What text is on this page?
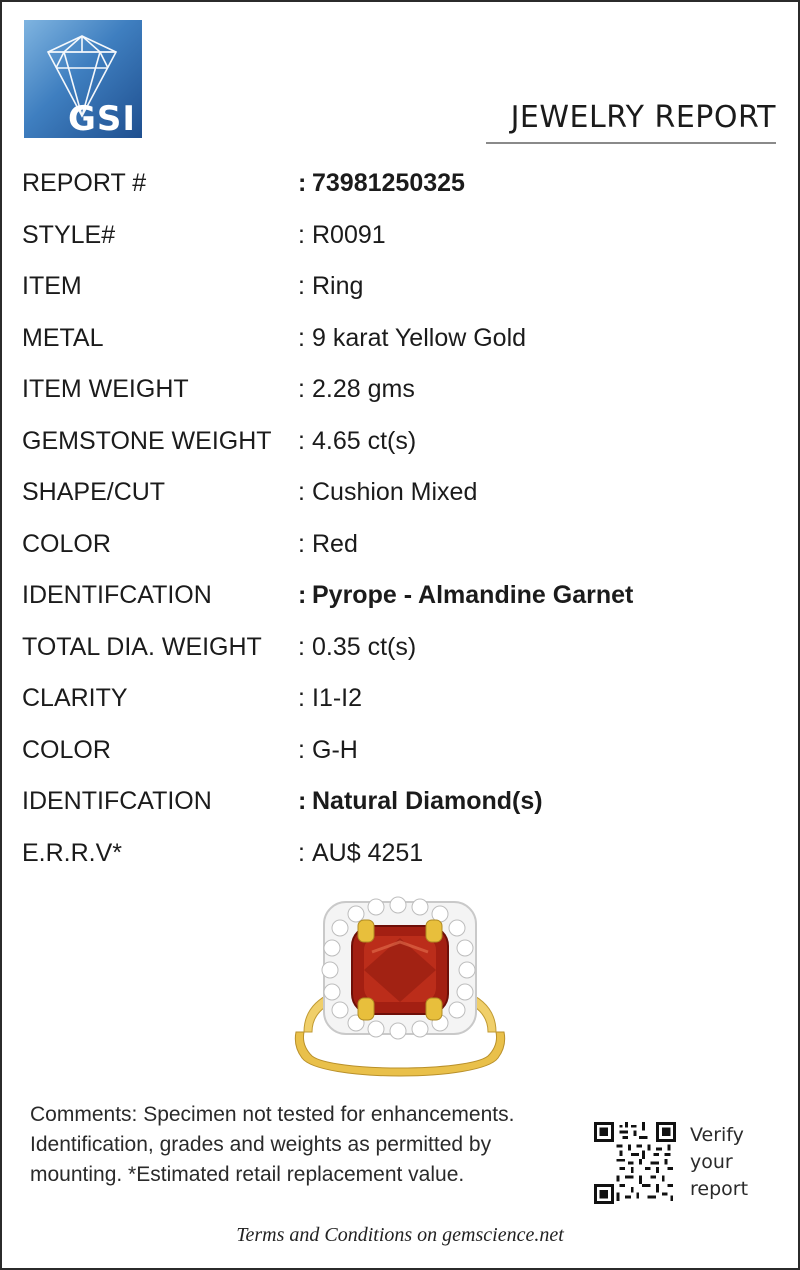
GSI	JEWELRY REPORT
REPORT #	: 73981250325
STYLE#	: R0091
ITEM	: Ring
METAL	: 9 karat Yellow Gold
ITEM WEIGHT	: 2.28 gms
GEMSTONE WEIGHT : 4.65 ct(s)
SHAPE/CUT	: Cushion Mixed
COLOR	: Red
IDENTIFCATION	: Pyrope - Almandine Garnet
TOTAL DIA. WEIGHT : 0.35 ct(s)
CLARITY	: I1-I2
COLOR	: G-H
IDENTIFCATION	: Natural Diamond(s)
E.R.R.V*	: AU$ 4251
Comments: Specimen not tested for enhancements. Identification, grades and weights as permitted by mounting. *Estimated retail replacement value.
Verify your report
Terms and Conditions on gemscience.net
